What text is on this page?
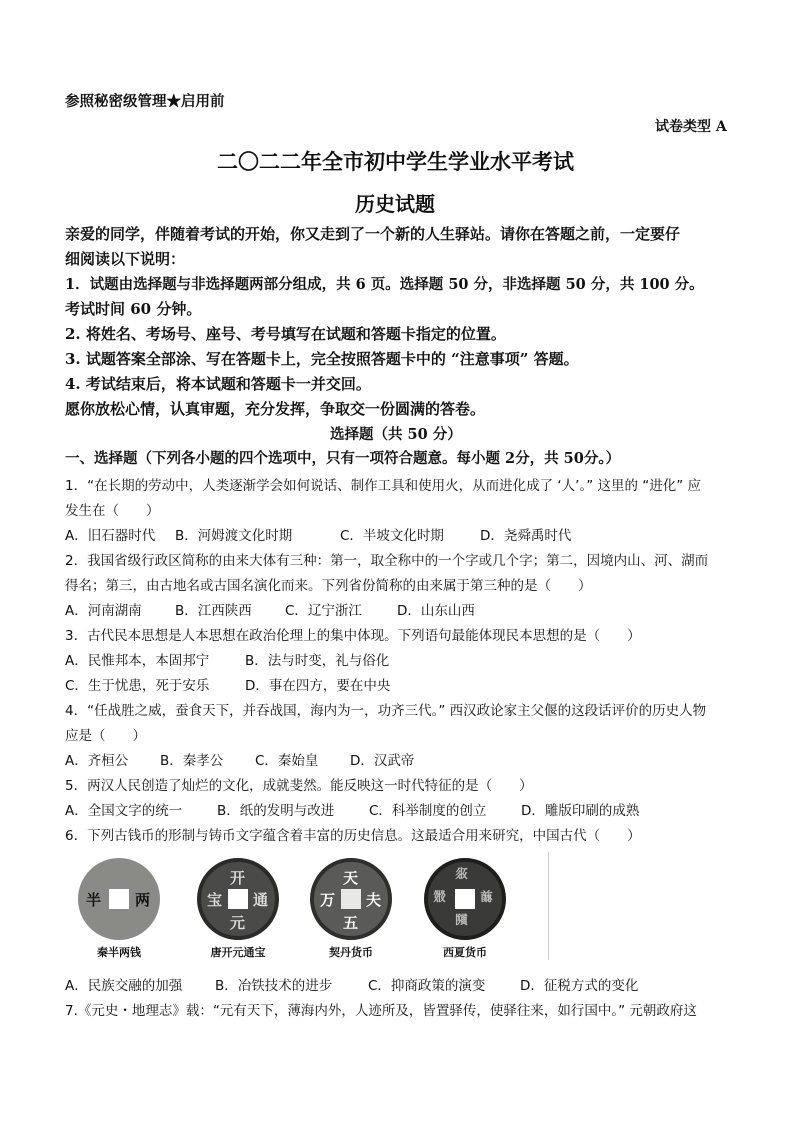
参照秘密级管理★启用前
试卷类型 A
二〇二二年全市初中学生学业水平考试
历史试题
亲爱的同学，伴随着考试的开始，你又走到了一个新的人生驿站。请你在答题之前，一定要仔
细阅读以下说明：
1．试题由选择题与非选择题两部分组成，共 6 页。选择题 50 分，非选择题 50 分，共 100 分。
考试时间 60 分钟。
2. 将姓名、考场号、座号、考号填写在试题和答题卡指定的位置。
3. 试题答案全部涂、写在答题卡上，完全按照答题卡中的 “注意事项” 答题。
4. 考试结束后，将本试题和答题卡一并交回。
愿你放松心情，认真审题，充分发挥，争取交一份圆满的答卷。
选择题（共 50 分）
一、选择题（下列各小题的四个选项中，只有一项符合题意。每小题 2分，共 50分。）
1．“在长期的劳动中，人类逐渐学会如何说话、制作工具和使用火，从而进化成了 ‘人’。” 这里的 “进化” 应
发生在（　　）
A．旧石器时代 B．河姆渡文化时期	C．半坡文化时期	D．尧舜禹时代
2．我国省级行政区简称的由来大体有三种：第一，取全称中的一个字或几个字；第二，因境内山、河、湖而
得名；第三，由古地名或古国名演化而来。下列省份简称的由来属于第三种的是（　　）
A．河南湖南 B．江西陕西 C．辽宁浙江	D．山东山西
3．古代民本思想是人本思想在政治伦理上的集中体现。下列语句最能体现民本思想的是（　　）
A．民惟邦本，本固邦宁	B．法与时变，礼与俗化
C．生于忧患，死于安乐	D．事在四方，要在中央
4．“任战胜之威，蚕食天下，并吞战国，海内为一，功齐三代。” 西汉政论家主父偃的这段话评价的历史人物
应是（　　）
A．齐桓公 B．秦孝公 C．秦始皇 D．汉武帝
5．两汉人民创造了灿烂的文化，成就斐然。能反映这一时代特征的是（　　）
A．全国文字的统一	B．纸的发明与改进	C．科举制度的创立	D．雕版印刷的成熟
6．下列古钱币的形制与铸币文字蕴含着丰富的历史信息。这最适合用来研究，中国古代（　　）
半 两
秦半两钱
开
元
通
宝
唐开元通宝
天
五
夫
万
契丹货币
𗼇
𗂧
𗓽
𗽃
西夏货币
A．民族交融的加强 B．冶铁技术的进步	C．抑商政策的演变	D．征税方式的变化
7.《元史・地理志》载：“元有天下，薄海内外，人迹所及，皆置驿传，使驿往来，如行国中。” 元朝政府这
